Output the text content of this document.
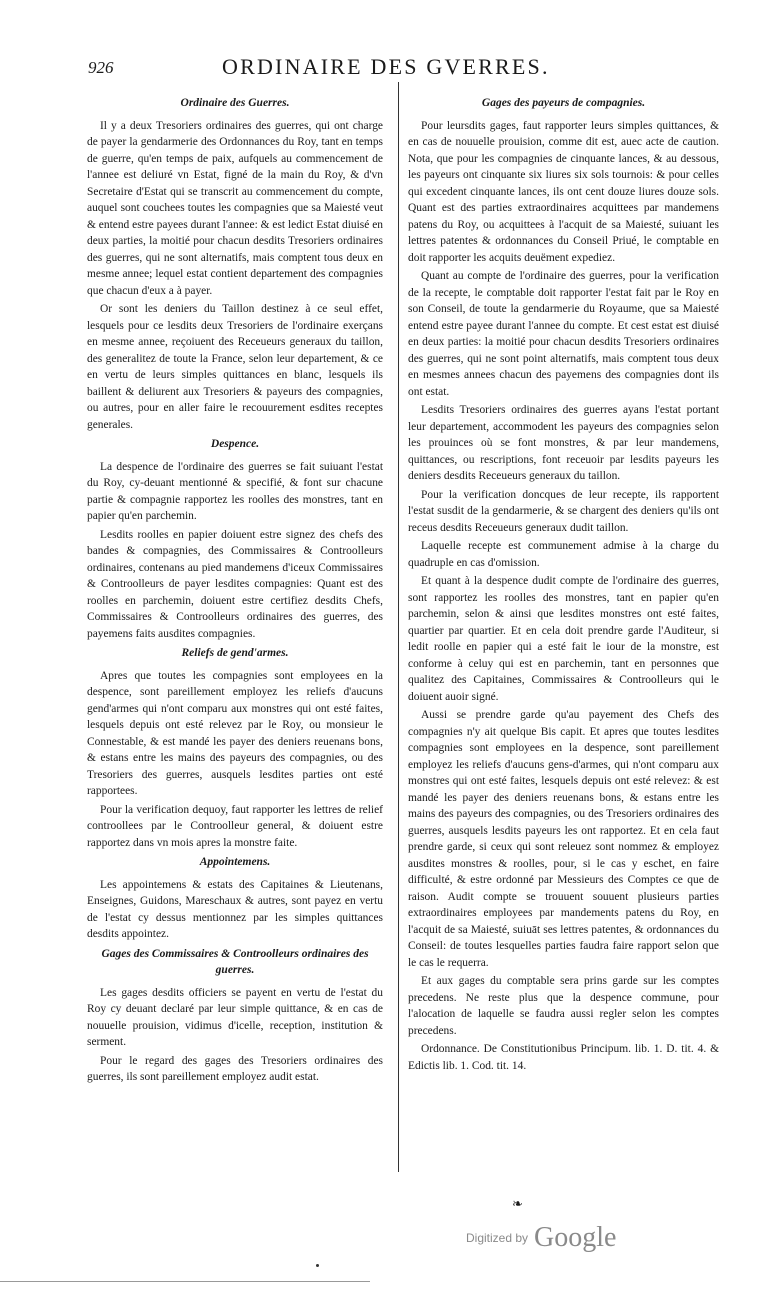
926	ORDINAIRE DES GVERRES.
Ordinaire des Guerres.

Il y a deux Tresoriers ordinaires des guerres, qui ont charge de payer la gendarmerie des Ordonnances du Roy, tant en temps de guerre, qu'en temps de paix, aufquels au commencement de l'annee est deliuré vn Estat, figné de la main du Roy, & d'vn Secretaire d'Estat qui se transcrit au commencement du compte, auquel sont couchees toutes les compagnies que sa Maiesté veut & entend estre payees durant l'annee: & est ledict Estat diuisé en deux parties, la moitié pour chacun desdits Tresoriers ordinaires des guerres, qui ne sont alternatifs, mais comptent tous deux en mesme annee; lequel estat contient departement des compagnies que chacun d'eux a à payer.

Or sont les deniers du Taillon destinez à ce seul effet, lesquels pour ce lesdits deux Tresoriers de l'ordinaire exerçans en mesme annee, reçoiuent des Receueurs generaux du taillon, des generalitez de toute la France, selon leur departement, & ce en vertu de leurs simples quittances en blanc, lesquels ils baillent & deliurent aux Tresoriers & payeurs des compagnies, ou autres, pour en aller faire le recouurement esdites receptes generales.

Despence.

La despence de l'ordinaire des guerres se fait suiuant l'estat du Roy, cy-deuant mentionné & specifié, & font sur chacune partie & compagnie rapportez les roolles des monstres, tant en papier qu'en parchemin.

Lesdits roolles en papier doiuent estre signez des chefs des bandes & compagnies, des Commissaires & Controolleurs ordinaires, contenans au pied mandemens d'iceux Commissaires & Controolleurs de payer lesdites compagnies: Quant est des roolles en parchemin, doiuent estre certifiez desdits Chefs, Commissaires & Controolleurs ordinaires des guerres, des payemens faits ausdites compagnies.

Reliefs de gend'armes.

Apres que toutes les compagnies sont employees en la despence, sont pareillement employez les reliefs d'aucuns gend'armes qui n'ont comparu aux monstres qui ont esté faites, lesquels depuis ont esté relevez par le Roy, ou monsieur le Connestable, & est mandé les payer des deniers reuenans bons, & estans entre les mains des payeurs des compagnies, ou des Tresoriers des guerres, ausquels lesdites parties ont esté rapportees.

Pour la verification dequoy, faut rapporter les lettres de relief controollees par le Controolleur general, & doiuent estre rapportez dans vn mois apres la monstre faite.

Appointemens.

Les appointemens & estats des Capitaines & Lieutenans, Enseignes, Guidons, Mareschaux & autres, sont payez en vertu de l'estat cy dessus mentionnez par les simples quittances desdits appointez.

Gages des Commissaires & Controolleurs ordinaires des guerres.

Les gages desdits officiers se payent en vertu de l'estat du Roy cy deuant declaré par leur simple quittance, & en cas de nouuelle prouision, vidimus d'icelle, reception, institution & serment.

Pour le regard des gages des Tresoriers ordinaires des guerres, ils sont pareillement employez audit estat.

Gages des payeurs de compagnies.

Pour leursdits gages, faut rapporter leurs simples quittances, & en cas de nouuelle prouision, comme dit est, auec acte de caution. Nota, que pour les compagnies de cinquante lances, & au dessous, les payeurs ont cinquante six liures six sols tournois: & pour celles qui excedent cinquante lances, ils ont cent douze liures douze sols. Quant est des parties extraordinaires acquittees par mandemens patens du Roy, ou acquittees à l'acquit de sa Maiesté, suiuant les lettres patentes & ordonnances du Conseil Priué, le comptable en doit rapporter les acquits deuëment expediez.

Quant au compte de l'ordinaire des guerres, pour la verification de la recepte, le comptable doit rapporter l'estat fait par le Roy en son Conseil, de toute la gendarmerie du Royaume, que sa Maiesté entend estre payee durant l'annee du compte. Et cest estat est diuisé en deux parties: la moitié pour chacun desdits Tresoriers ordinaires des guerres, qui ne sont point alternatifs, mais comptent tous deux en mesmes annees chacun des payemens des compagnies dont ils ont estat.

Lesdits Tresoriers ordinaires des guerres ayans l'estat portant leur departement, accommodent les payeurs des compagnies selon les prouinces où se font monstres, & par leur mandemens, quittances, ou rescriptions, font receuoir par lesdits payeurs les deniers desdits Receueurs generaux du taillon.

Pour la verification doncques de leur recepte, ils rapportent l'estat susdit de la gendarmerie, & se chargent des deniers qu'ils ont receus desdits Receueurs generaux dudit taillon.

Laquelle recepte est communement admise à la charge du quadruple en cas d'omission.

Et quant à la despence dudit compte de l'ordinaire des guerres, sont rapportez les roolles des monstres, tant en papier qu'en parchemin, selon & ainsi que lesdites monstres ont esté faites, quartier par quartier. Et en cela doit prendre garde l'Auditeur, si ledit roolle en papier qui a esté fait le iour de la monstre, est conforme à celuy qui est en parchemin, tant en personnes que qualitez des Capitaines, Commissaires & Controolleurs qui le doiuent auoir signé.

Aussi se prendre garde qu'au payement des Chefs des compagnies n'y ait quelque Bis capit. Et apres que toutes lesdites compagnies sont employees en la despence, sont pareillement employez les reliefs d'aucuns gens-d'armes, qui n'ont comparu aux monstres qui ont esté faites, lesquels depuis ont esté relevez: & est mandé les payer des deniers reuenans bons, & estans entre les mains des payeurs des compagnies, ou des Tresoriers ordinaires des guerres, ausquels lesdits payeurs les ont rapportez. Et en cela faut prendre garde, si ceux qui sont releuez sont nommez & employez ausdites monstres & roolles, pour, si le cas y eschet, en faire difficulté, & estre ordonné par Messieurs des Comptes ce que de raison. Audit compte se trouuent souuent plusieurs parties extraordinaires employees par mandements patens du Roy, en l'acquit de sa Maiesté, suiuāt ses lettres patentes, & ordonnances du Conseil: de toutes lesquelles parties faudra faire rapport selon que le cas le requerra.

Et aux gages du comptable sera prins garde sur les comptes precedens. Ne reste plus que la despence commune, pour l'alocation de laquelle se faudra aussi regler selon les comptes precedens.

Ordonnance. De Constitutionibus Principum. lib. 1. D. tit. 4. & Edictis lib. 1. Cod. tit. 14.

❧
Digitized by Google
